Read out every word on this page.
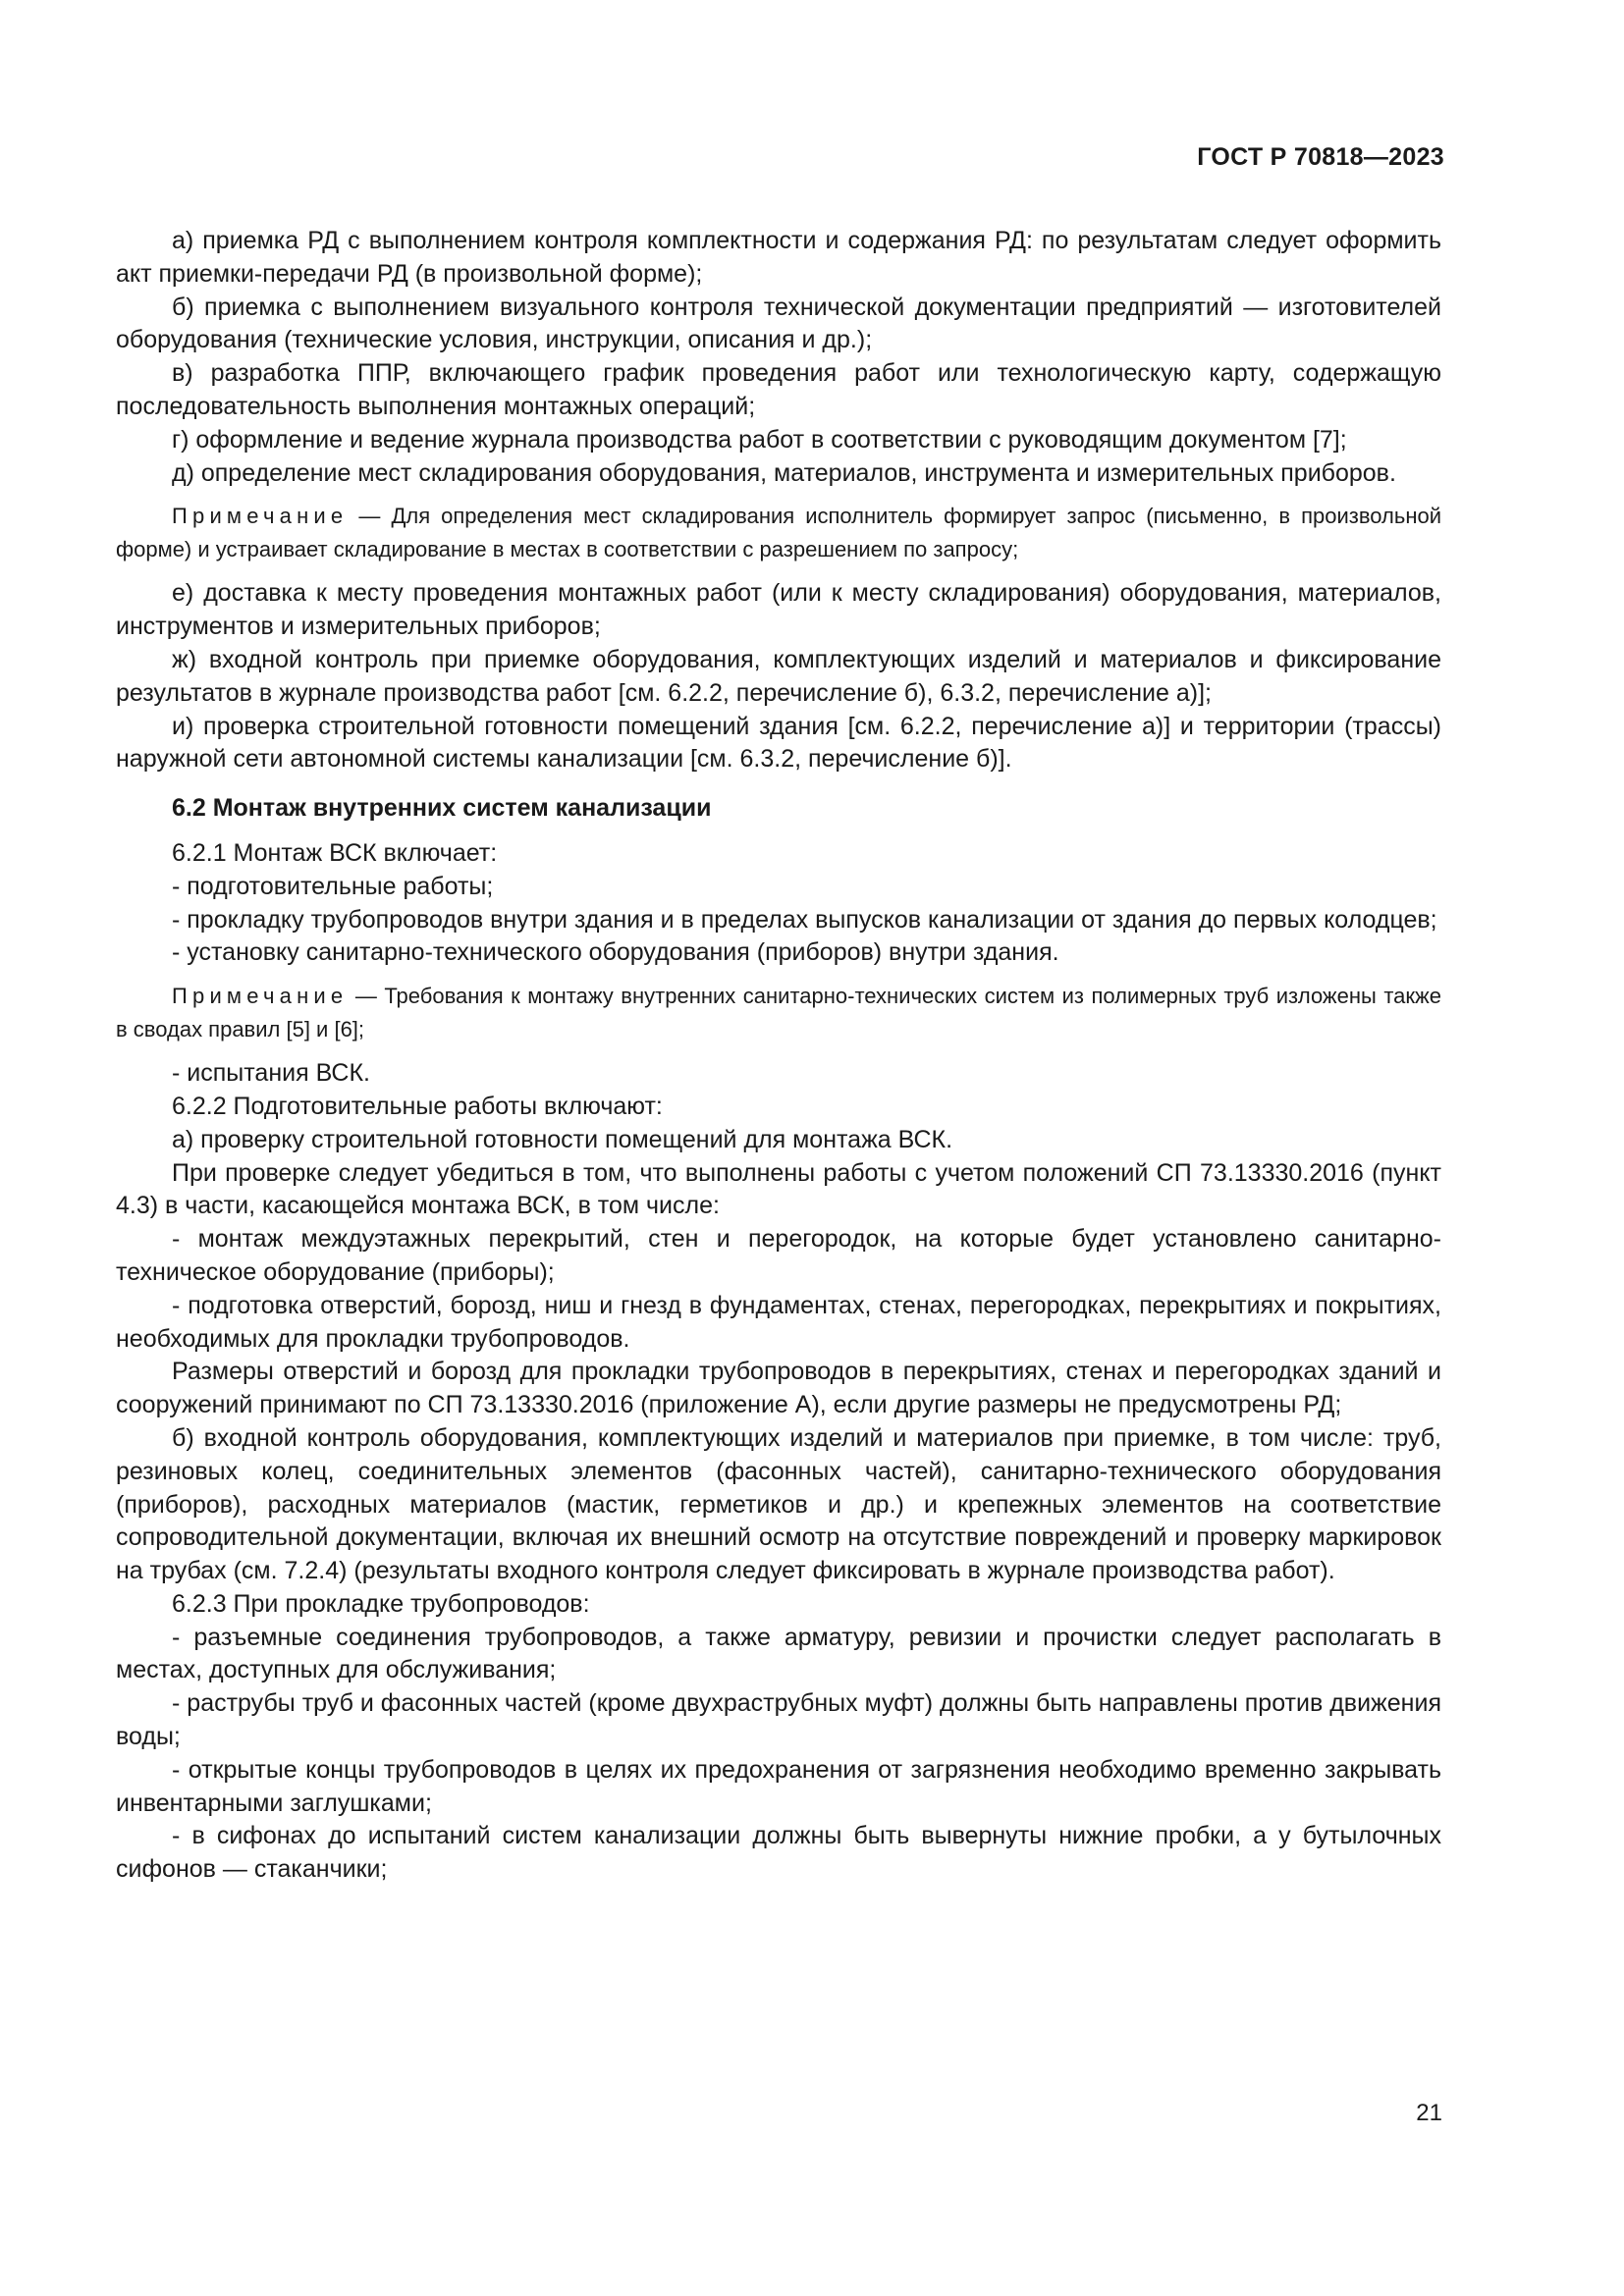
ГОСТ Р 70818—2023

а) приемка РД с выполнением контроля комплектности и содержания РД: по результатам следует оформить акт приемки-передачи РД (в произвольной форме);

б) приемка с выполнением визуального контроля технической документации предприятий — изготовителей оборудования (технические условия, инструкции, описания и др.);

в) разработка ППР, включающего график проведения работ или технологическую карту, содержащую последовательность выполнения монтажных операций;

г) оформление и ведение журнала производства работ в соответствии с руководящим документом [7];

д) определение мест складирования оборудования, материалов, инструмента и измерительных приборов.

Примечание — Для определения мест складирования исполнитель формирует запрос (письменно, в произвольной форме) и устраивает складирование в местах в соответствии с разрешением по запросу;

е) доставка к месту проведения монтажных работ (или к месту складирования) оборудования, материалов, инструментов и измерительных приборов;

ж) входной контроль при приемке оборудования, комплектующих изделий и материалов и фиксирование результатов в журнале производства работ [см. 6.2.2, перечисление б), 6.3.2, перечисление а)];

и) проверка строительной готовности помещений здания [см. 6.2.2, перечисление а)] и территории (трассы) наружной сети автономной системы канализации [см. 6.3.2, перечисление б)].

6.2 Монтаж внутренних систем канализации

6.2.1 Монтаж ВСК включает:

- подготовительные работы;

- прокладку трубопроводов внутри здания и в пределах выпусков канализации от здания до первых колодцев;

- установку санитарно-технического оборудования (приборов) внутри здания.

Примечание — Требования к монтажу внутренних санитарно-технических систем из полимерных труб изложены также в сводах правил [5] и [6];

- испытания ВСК.

6.2.2 Подготовительные работы включают:

а) проверку строительной готовности помещений для монтажа ВСК.

При проверке следует убедиться в том, что выполнены работы с учетом положений СП 73.13330.2016 (пункт 4.3) в части, касающейся монтажа ВСК, в том числе:

- монтаж междуэтажных перекрытий, стен и перегородок, на которые будет установлено санитарно-техническое оборудование (приборы);

- подготовка отверстий, борозд, ниш и гнезд в фундаментах, стенах, перегородках, перекрытиях и покрытиях, необходимых для прокладки трубопроводов.

Размеры отверстий и борозд для прокладки трубопроводов в перекрытиях, стенах и перегородках зданий и сооружений принимают по СП 73.13330.2016 (приложение А), если другие размеры не предусмотрены РД;

б) входной контроль оборудования, комплектующих изделий и материалов при приемке, в том числе: труб, резиновых колец, соединительных элементов (фасонных частей), санитарно-технического оборудования (приборов), расходных материалов (мастик, герметиков и др.) и крепежных элементов на соответствие сопроводительной документации, включая их внешний осмотр на отсутствие повреждений и проверку маркировок на трубах (см. 7.2.4) (результаты входного контроля следует фиксировать в журнале производства работ).

6.2.3 При прокладке трубопроводов:

- разъемные соединения трубопроводов, а также арматуру, ревизии и прочистки следует располагать в местах, доступных для обслуживания;

- раструбы труб и фасонных частей (кроме двухраструбных муфт) должны быть направлены против движения воды;

- открытые концы трубопроводов в целях их предохранения от загрязнения необходимо временно закрывать инвентарными заглушками;

- в сифонах до испытаний систем канализации должны быть вывернуты нижние пробки, а у бутылочных сифонов — стаканчики;

21
